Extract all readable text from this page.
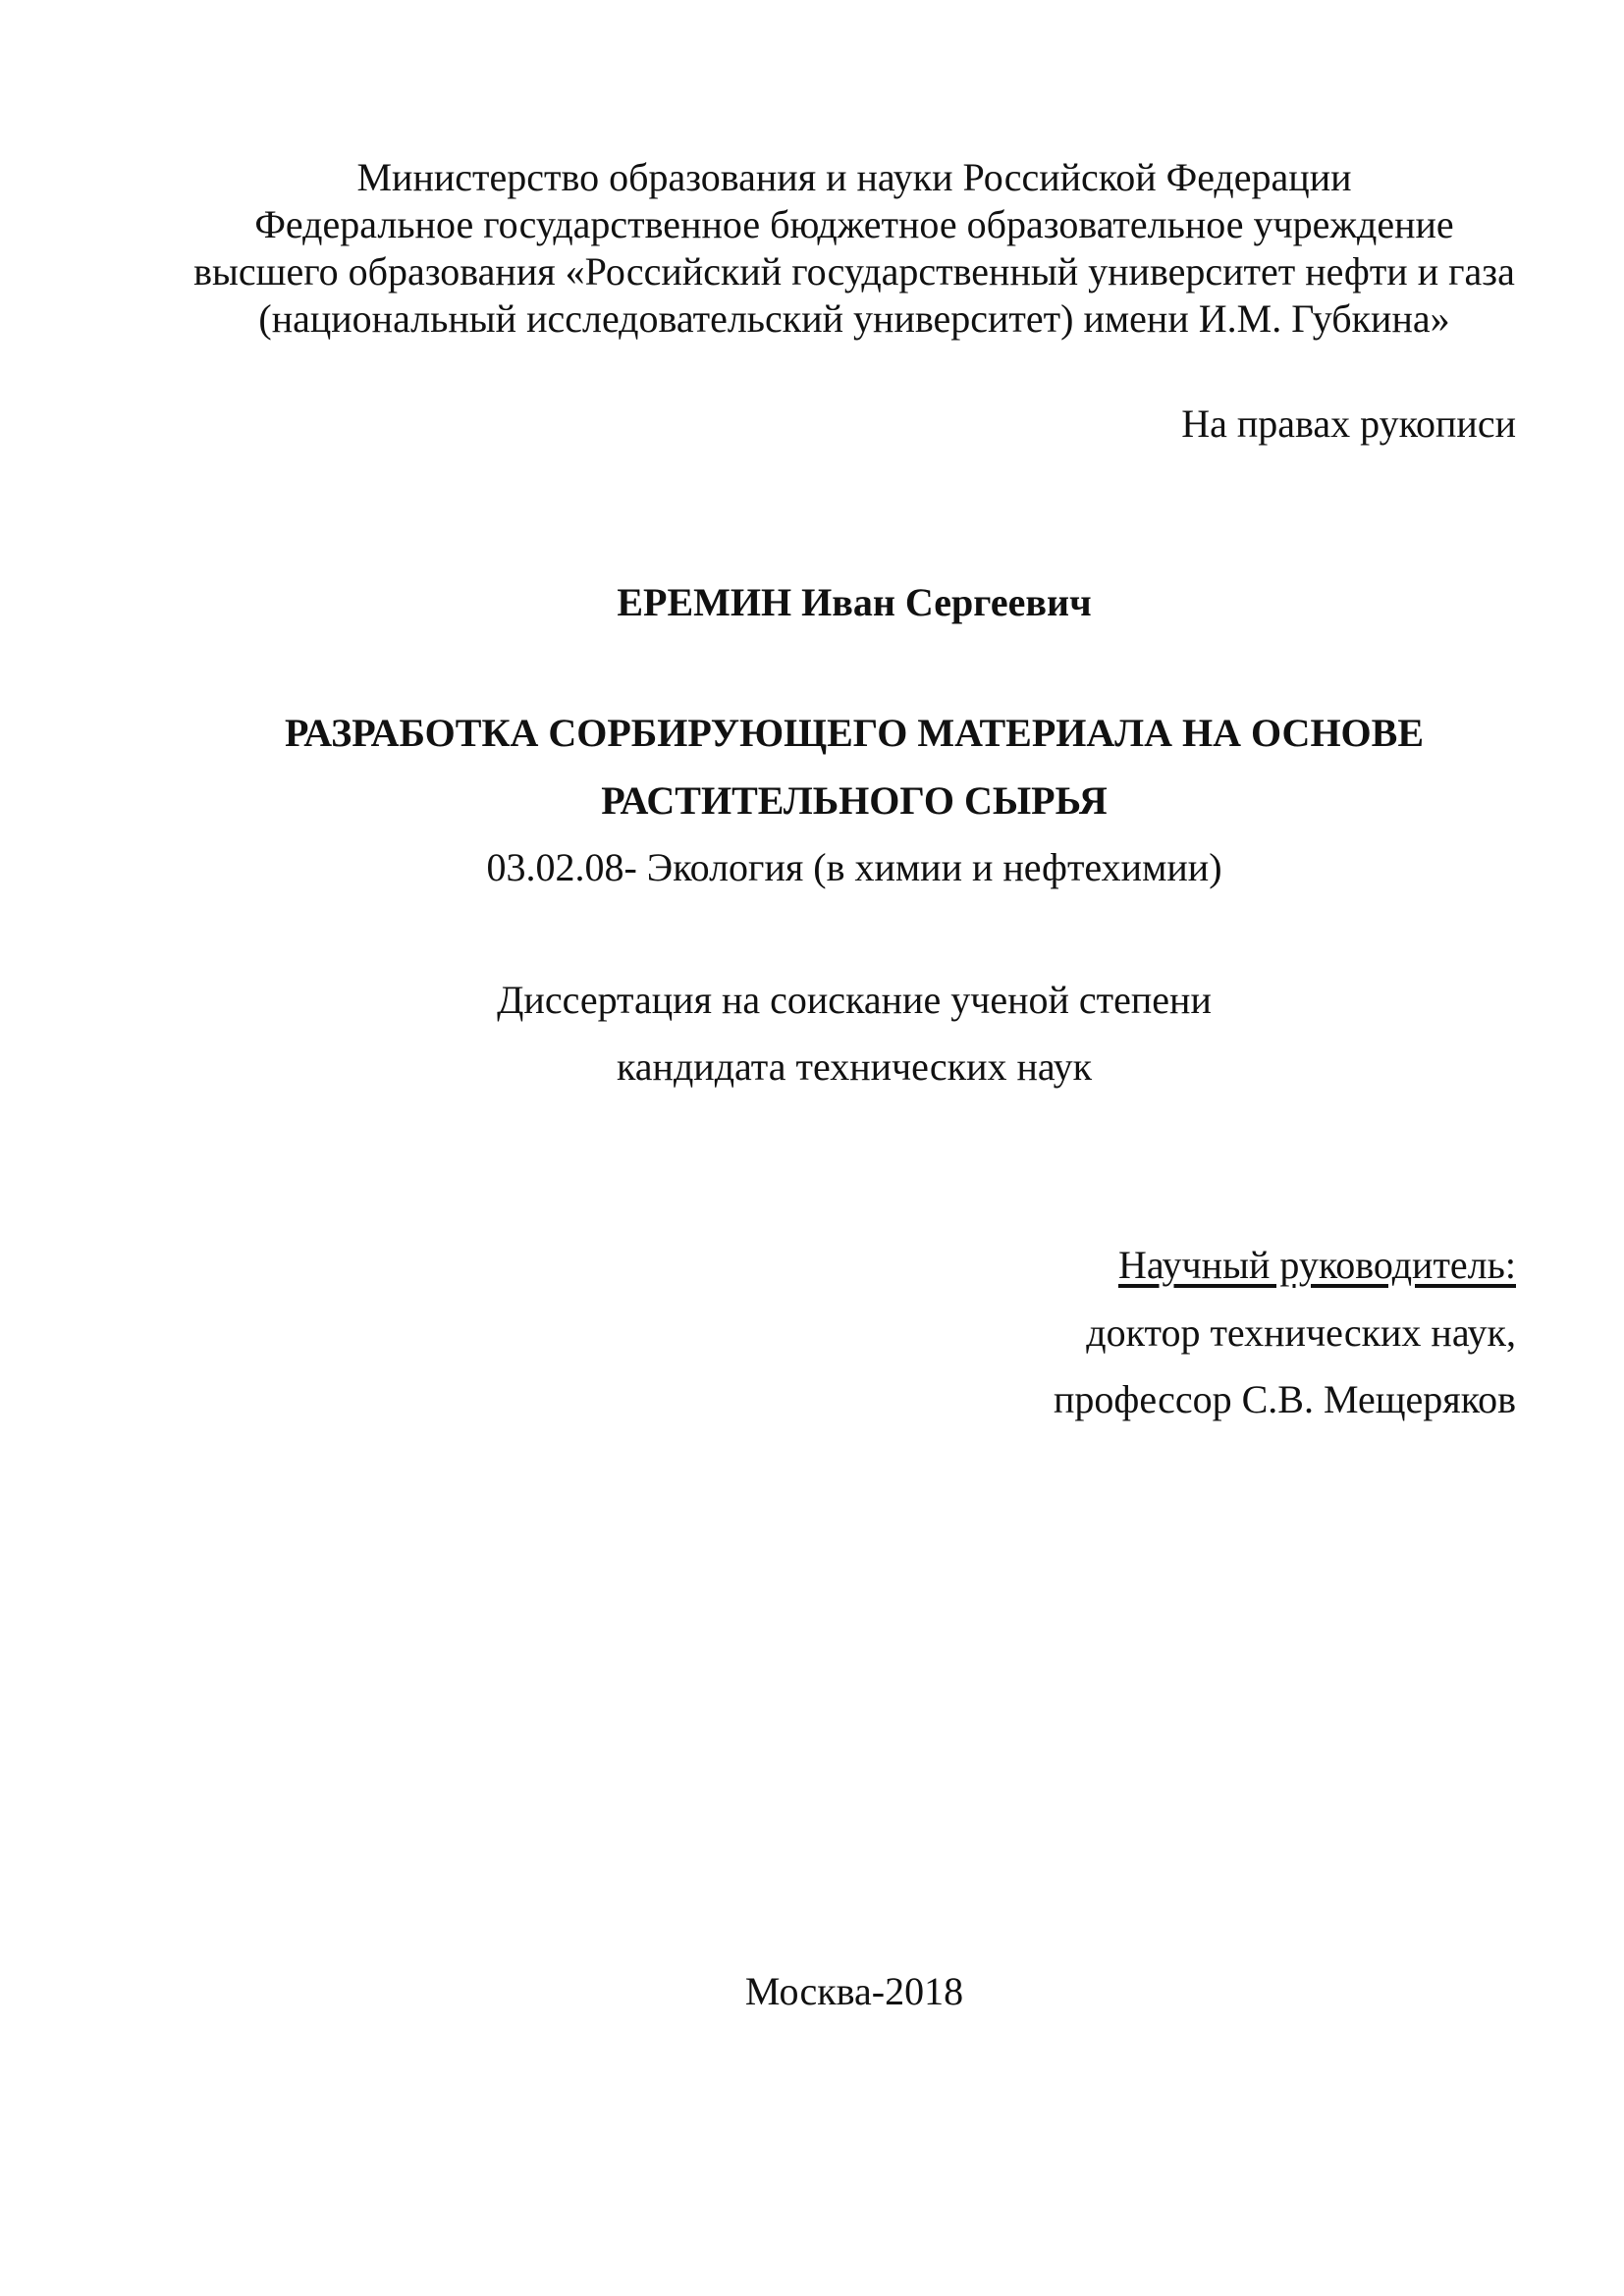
Министерство образования и науки Российской Федерации
Федеральное государственное бюджетное образовательное учреждение
высшего образования «Российский государственный университет нефти и газа
(национальный исследовательский университет) имени И.М. Губкина»
На правах рукописи
ЕРЕМИН Иван Сергеевич
РАЗРАБОТКА СОРБИРУЮЩЕГО МАТЕРИАЛА НА ОСНОВЕ
РАСТИТЕЛЬНОГО СЫРЬЯ
03.02.08- Экология (в химии и нефтехимии)
Диссертация на соискание ученой степени
кандидата технических наук
Научный руководитель:
доктор технических наук,
профессор С.В. Мещеряков
Москва-2018
